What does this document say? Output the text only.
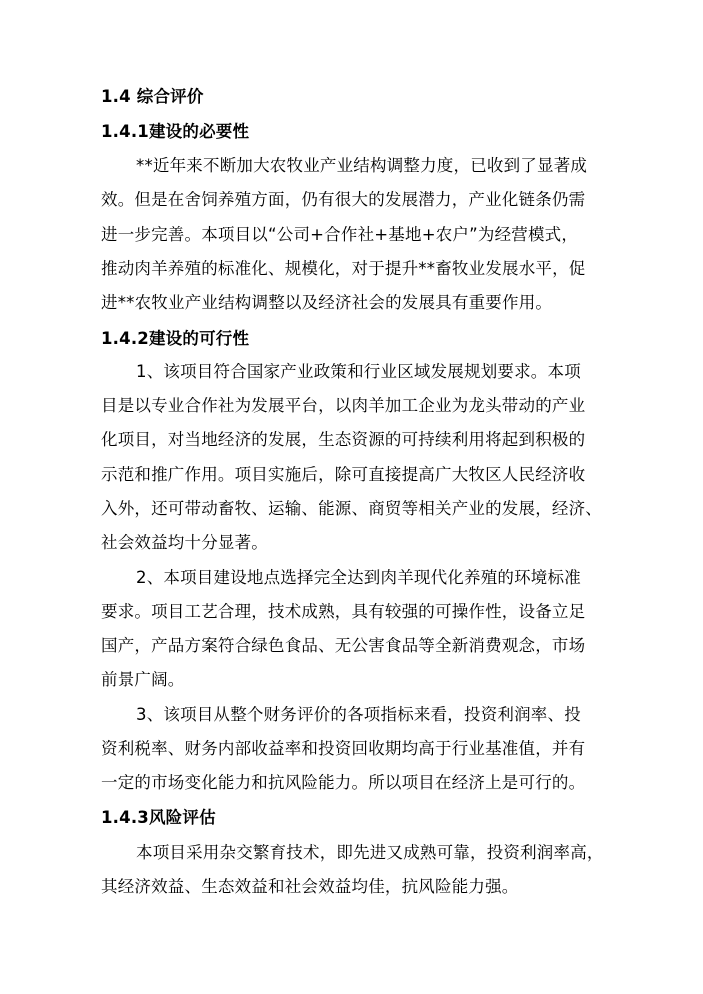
1.4 综合评价
1.4.1建设的必要性
**近年来不断加大农牧业产业结构调整力度，已收到了显著成
效。但是在舍饲养殖方面，仍有很大的发展潜力，产业化链条仍需
进一步完善。本项目以“公司+合作社+基地+农户”为经营模式，
推动肉羊养殖的标准化、规模化，对于提升**畜牧业发展水平，促
进**农牧业产业结构调整以及经济社会的发展具有重要作用。
1.4.2建设的可行性
1、该项目符合国家产业政策和行业区域发展规划要求。本项
目是以专业合作社为发展平台，以肉羊加工企业为龙头带动的产业
化项目，对当地经济的发展，生态资源的可持续利用将起到积极的
示范和推广作用。项目实施后，除可直接提高广大牧区人民经济收
入外，还可带动畜牧、运输、能源、商贸等相关产业的发展，经济、
社会效益均十分显著。
2、本项目建设地点选择完全达到肉羊现代化养殖的环境标准
要求。项目工艺合理，技术成熟，具有较强的可操作性，设备立足
国产，产品方案符合绿色食品、无公害食品等全新消费观念，市场
前景广阔。
3、该项目从整个财务评价的各项指标来看，投资利润率、投
资利税率、财务内部收益率和投资回收期均高于行业基准值，并有
一定的市场变化能力和抗风险能力。所以项目在经济上是可行的。
1.4.3风险评估
本项目采用杂交繁育技术，即先进又成熟可靠，投资利润率高，
其经济效益、生态效益和社会效益均佳，抗风险能力强。
